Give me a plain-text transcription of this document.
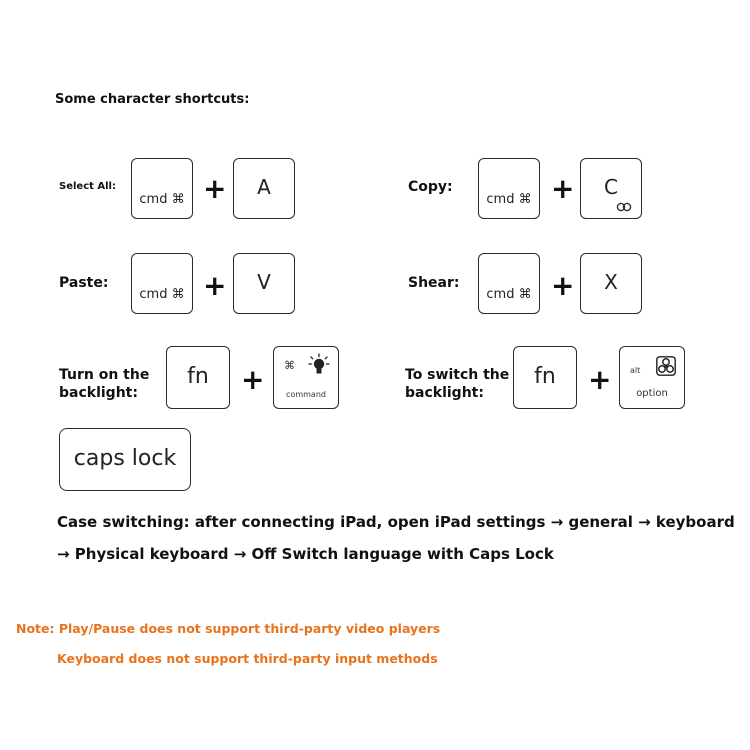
Some character shortcuts:
Select All:
cmd ⌘ +	A	Copy:
cmd ⌘ +	C
Paste:
cmd ⌘ +	V	Shear:
cmd ⌘ +	X
Turn on the
backlight:
fn	+ ⌘
command
To switch the
backlight:
fn	+ alt
option
caps lock
Case switching: after connecting iPad, open iPad settings → general → keyboard
→ Physical keyboard → Off Switch language with Caps Lock
Note: Play/Pause does not support third-party video players
Keyboard does not support third-party input methods
